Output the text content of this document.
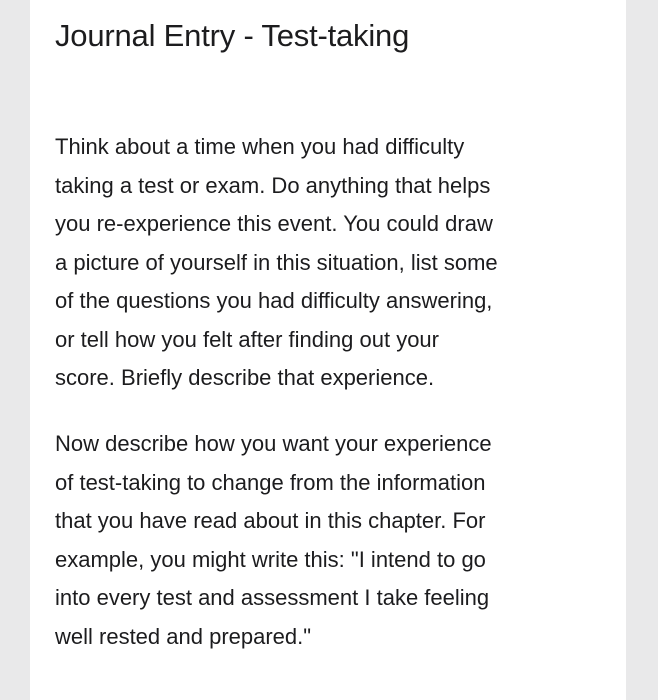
Journal Entry - Test-taking

Think about a time when you had difficulty
taking a test or exam. Do anything that helps
you re-experience this event. You could draw
a picture of yourself in this situation, list some
of the questions you had difficulty answering,
or tell how you felt after finding out your
score. Briefly describe that experience.

Now describe how you want your experience
of test-taking to change from the information
that you have read about in this chapter. For
example, you might write this: "I intend to go
into every test and assessment I take feeling
well rested and prepared."
